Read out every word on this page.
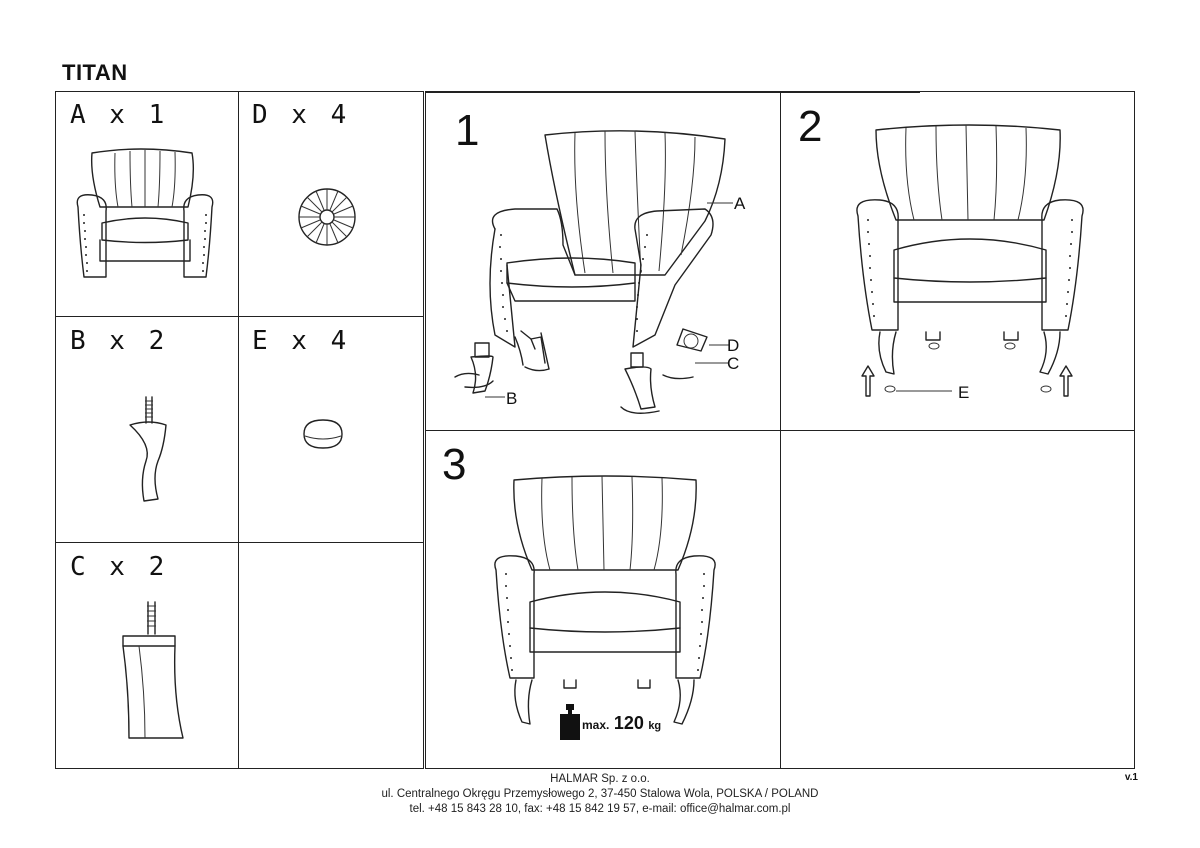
TITAN
A x 1	D x 4
B x 2	E x 4
C x 2
1	2
3
A
B
C
D
E
max. 120 kg
HALMAR Sp. z o.o.
ul. Centralnego Okręgu Przemysłowego 2, 37-450 Stalowa Wola, POLSKA / POLAND
tel. +48 15 843 28 10, fax: +48 15 842 19 57, e-mail: office@halmar.com.pl
v.1
